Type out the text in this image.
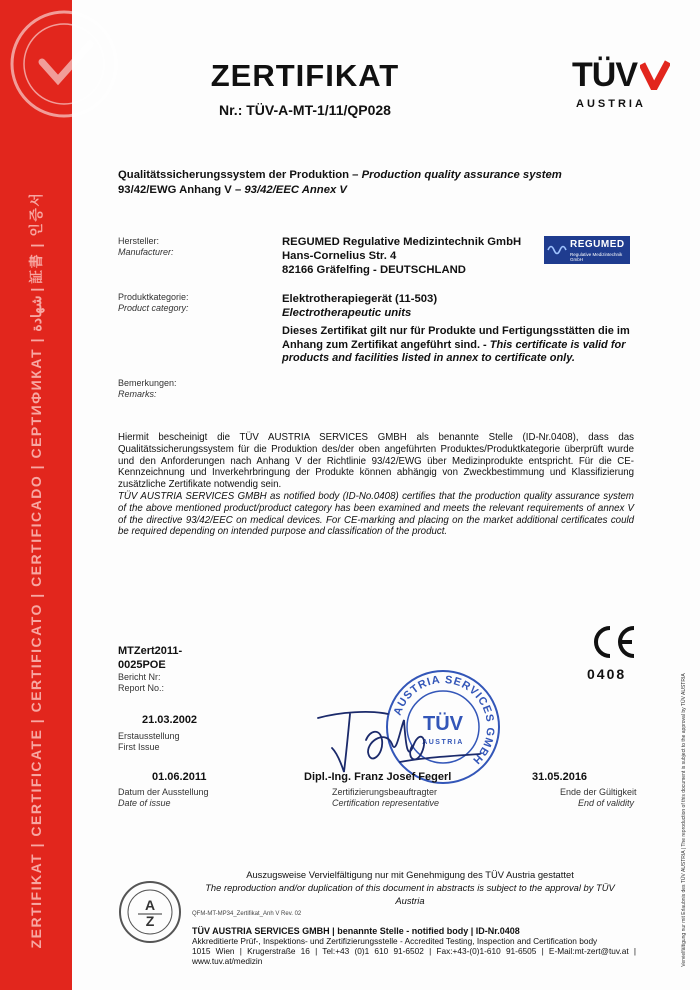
ZERTIFIKAT | CERTIFICATE | CERTIFICATO | CERTIFICADO | СЕРТИФИКАТ | شهادة | 証書 | 인증서
ZERTIFIKAT
Nr.: TÜV-A-MT-1/11/QP028
TÜV
AUSTRIA
Qualitätssicherungssystem der Produktion – Production quality assurance system
93/42/EWG Anhang V – 93/42/EEC Annex V
Hersteller:
Manufacturer:
REGUMED Regulative Medizintechnik GmbH
Hans-Cornelius Str. 4
82166 Gräfelfing - DEUTSCHLAND
REGUMED
Regulative Medizintechnik GmbH
Produktkategorie:
Product category:
Elektrotherapiegerät (11-503)
Electrotherapeutic units
Dieses Zertifikat gilt nur für Produkte und Fertigungsstätten die im Anhang zum Zertifikat angeführt sind. - This certificate is valid for products and facilities listed in annex to certificate only.
Bemerkungen:
Remarks:
Hiermit bescheinigt die TÜV AUSTRIA SERVICES GMBH als benannte Stelle (ID-Nr.0408), dass das Qualitätssicherungssystem für die Produktion des/der oben angeführten Produktes/Produktkategorie überprüft wurde und den Anforderungen nach Anhang V der Richtlinie 93/42/EWG über Medizinprodukte entspricht. Für die CE-Kennzeichnung und Inverkehrbringung der Produkte können abhängig von Zweckbestimmung und Klassifizierung zusätzliche Zertifikate notwendig sein.
TÜV AUSTRIA SERVICES GMBH as notified body (ID-No.0408) certifies that the production quality assurance system of the above mentioned product/product category has been examined and meets the relevant requirements of annex V of the directive 93/42/EEC on medical devices. For CE-marking and placing on the market additional certificates could be required depending on intended purpose and classification of the product.
MTZert2011-
0025POE
Bericht Nr:
Report No.:
21.03.2002
Erstausstellung
First Issue
0408
AUSTRIA SERVICES GMBH
TÜV
AUSTRIA
01.06.2011
Datum der Ausstellung
Date of issue
Dipl.-Ing. Franz Josef Fegerl
Zertifizierungsbeauftragter
Certification representative
31.05.2016
Ende der Gültigkeit
End of validity
Auszugsweise Vervielfältigung nur mit Genehmigung des TÜV Austria gestattet
The reproduction and/or duplication of this document in abstracts is subject to the approval by TÜV Austria
A
Z	QFM-MT-MP34_Zertifikat_Anh V Rev. 02
TÜV AUSTRIA SERVICES GMBH | benannte Stelle - notified body | ID-Nr.0408
Akkreditierte Prüf-, Inspektions- und Zertifizierungsstelle - Accredited Testing, Inspection and Certification body
1015 Wien | Krugerstraße 16 | Tel:+43 (0)1 610 91-6502 | Fax:+43-(0)1-610 91-6505 | E-Mail:mt-zert@tuv.at | www.tuv.at/medizin	Vervielfältigung nur mit Erlaubnis des TÜV AUSTRIA | The reproduction of this document is subject to the approval by TÜV AUSTRIA
